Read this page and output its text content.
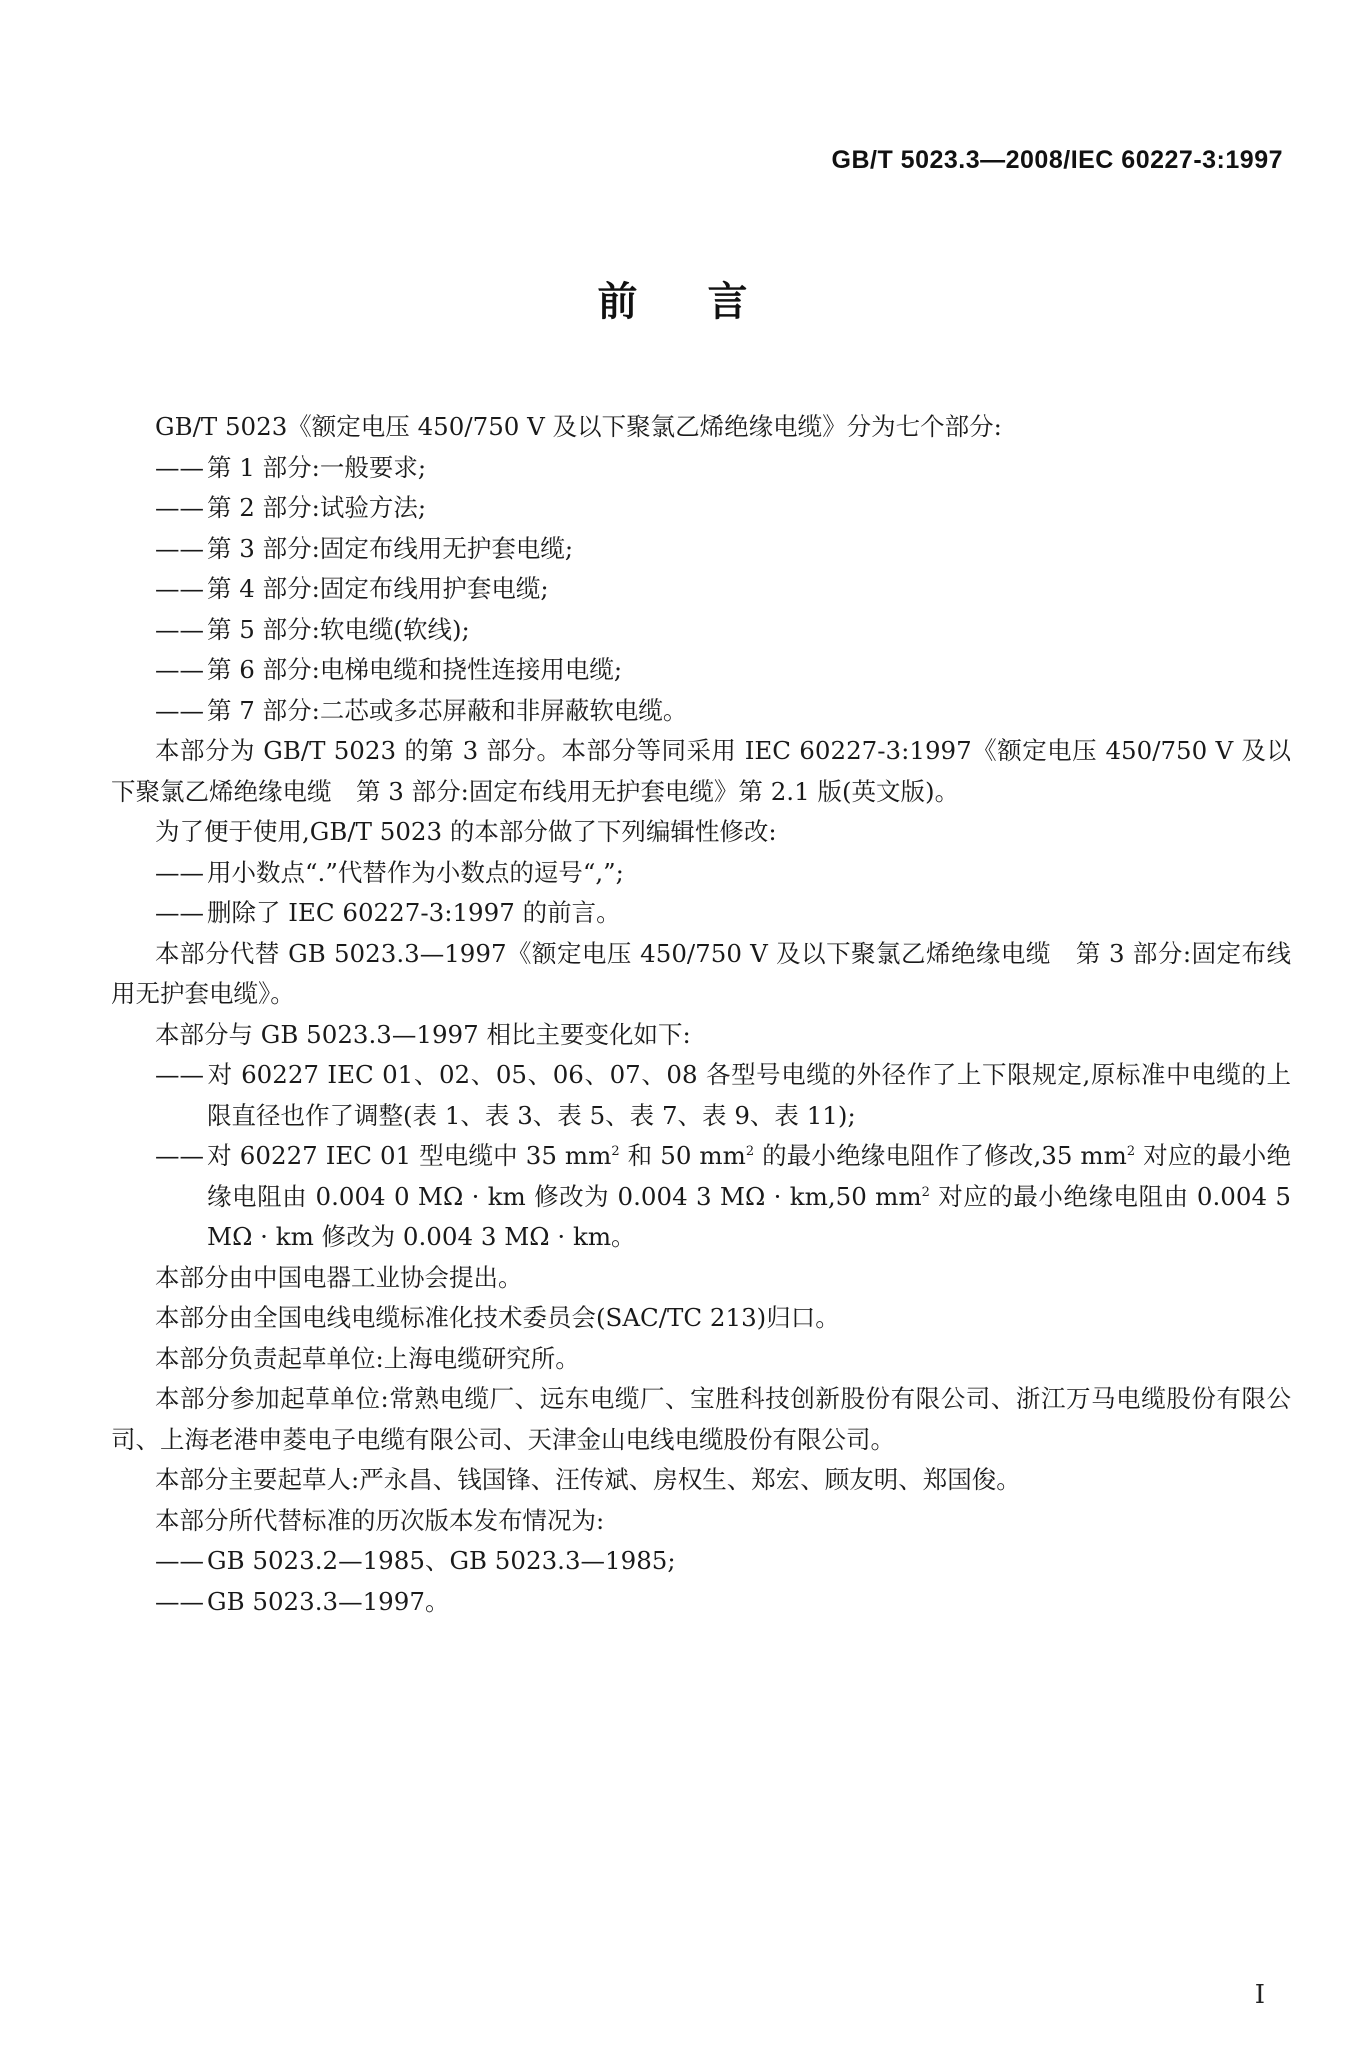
GB/T 5023.3—2008/IEC 60227-3:1997
前言

GB/T 5023《额定电压 450/750 V 及以下聚氯乙烯绝缘电缆》分为七个部分:

—— 第 1 部分:一般要求;

—— 第 2 部分:试验方法;

—— 第 3 部分:固定布线用无护套电缆;

—— 第 4 部分:固定布线用护套电缆;

—— 第 5 部分:软电缆(软线);

—— 第 6 部分:电梯电缆和挠性连接用电缆;

—— 第 7 部分:二芯或多芯屏蔽和非屏蔽软电缆。

本部分为 GB/T 5023 的第 3 部分。本部分等同采用 IEC 60227-3:1997《额定电压 450/750 V 及以下聚氯乙烯绝缘电缆　第 3 部分:固定布线用无护套电缆》第 2.1 版(英文版)。

为了便于使用,GB/T 5023 的本部分做了下列编辑性修改:

—— 用小数点“.”代替作为小数点的逗号“,”;

—— 删除了 IEC 60227-3:1997 的前言。

本部分代替 GB 5023.3—1997《额定电压 450/750 V 及以下聚氯乙烯绝缘电缆　第 3 部分:固定布线用无护套电缆》。

本部分与 GB 5023.3—1997 相比主要变化如下:

—— 对 60227 IEC 01、02、05、06、07、08 各型号电缆的外径作了上下限规定,原标准中电缆的上限直径也作了调整(表 1、表 3、表 5、表 7、表 9、表 11);

—— 对 60227 IEC 01 型电缆中 35 $mm^2$ 和 50 $mm^2$ 的最小绝缘电阻作了修改,35 $mm^2$ 对应的最小绝缘电阻由 0.004 0 MΩ · km 修改为 0.004 3 MΩ · km,50 $mm^2$ 对应的最小绝缘电阻由 0.004 5 MΩ · km 修改为 0.004 3 MΩ · km。

本部分由中国电器工业协会提出。

本部分由全国电线电缆标准化技术委员会(SAC/TC 213)归口。

本部分负责起草单位:上海电缆研究所。

本部分参加起草单位:常熟电缆厂、远东电缆厂、宝胜科技创新股份有限公司、浙江万马电缆股份有限公司、上海老港申菱电子电缆有限公司、天津金山电线电缆股份有限公司。

本部分主要起草人:严永昌、钱国锋、汪传斌、房权生、郑宏、顾友明、郑国俊。

本部分所代替标准的历次版本发布情况为:

—— GB 5023.2—1985、GB 5023.3—1985;

—— GB 5023.3—1997。

I
